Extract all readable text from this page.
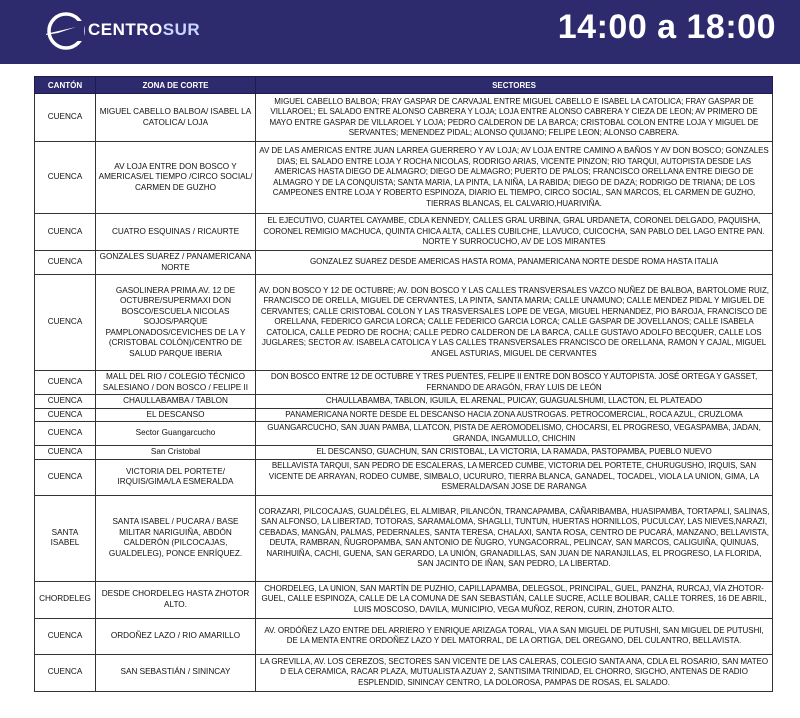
CENTROSUR	14:00 a 18:00
CANTÓN	ZONA DE CORTE	SECTORES
CUENCA	MIGUEL CABELLO BALBOA/ ISABEL LA CATOLICA/ LOJA	MIGUEL CABELLO BALBOA; FRAY GASPAR DE CARVAJAL ENTRE MIGUEL CABELLO E ISABEL LA CATOLICA; FRAY GASPAR DE VILLAROEL; EL SALADO ENTRE ALONSO CABRERA Y LOJA; LOJA ENTRE ALONSO CABRERA Y CIEZA DE LEON; AV PRIMERO DE MAYO ENTRE GASPAR DE VILLAROEL Y LOJA; PEDRO CALDERON DE LA BARCA; CRISTOBAL COLON ENTRE LOJA Y MIGUEL DE SERVANTES; MENENDEZ PIDAL; ALONSO QUIJANO; FELIPE LEON; ALONSO CABRERA.
CUENCA	AV LOJA ENTRE DON BOSCO Y AMERICAS/EL TIEMPO /CIRCO SOCIAL/ CARMEN DE GUZHO	AV DE LAS AMERICAS ENTRE JUAN LARREA GUERRERO Y AV LOJA; AV LOJA ENTRE CAMINO A BAÑOS Y AV DON BOSCO; GONZALES DIAS; EL SALADO ENTRE LOJA Y ROCHA NICOLAS, RODRIGO ARIAS, VICENTE PINZON; RIO TARQUI, AUTOPISTA DESDE LAS AMERICAS HASTA DIEGO DE ALMAGRO; DIEGO DE ALMAGRO; PUERTO DE PALOS; FRANCISCO ORELLANA ENTRE DIEGO DE ALMAGRO Y DE LA CONQUISTA; SANTA MARIA, LA PINTA, LA NIÑA, LA RABIDA; DIEGO DE DAZA; RODRIGO DE TRIANA; DE LOS CAMPEONES ENTRE LOJA Y ROBERTO ESPINOZA, DIARIO EL TIEMPO, CIRCO SOCIAL, SAN MARCOS, EL CARMEN DE GUZHO, TIERRAS BLANCAS, EL CALVARIO,HUARIVIÑA.
CUENCA	CUATRO ESQUINAS / RICAURTE	EL EJECUTIVO, CUARTEL CAYAMBE, CDLA KENNEDY, CALLES GRAL URBINA, GRAL URDANETA, CORONEL DELGADO, PAQUISHA, CORONEL REMIGIO MACHUCA, QUINTA CHICA ALTA, CALLES CUBILCHE, LLAVUCO, CUICOCHA, SAN PABLO DEL LAGO ENTRE PAN. NORTE Y SURROCUCHO, AV DE LOS MIRANTES
CUENCA	GONZALES SUAREZ / PANAMERICANA NORTE	GONZALEZ SUAREZ DESDE AMERICAS HASTA ROMA, PANAMERICANA NORTE DESDE ROMA HASTA ITALIA
CUENCA	GASOLINERA PRIMA AV. 12 DE OCTUBRE/SUPERMAXI DON BOSCO/ESCUELA NICOLAS SOJOS/PARQUE PAMPLONADOS/CEVICHES DE LA Y (CRISTOBAL COLÓN)/CENTRO DE SALUD PARQUE IBERIA	AV. DON BOSCO Y 12 DE OCTUBRE; AV. DON BOSCO Y LAS CALLES TRANSVERSALES VAZCO NUÑEZ DE BALBOA, BARTOLOME RUIZ, FRANCISCO DE ORELLA, MIGUEL DE CERVANTES, LA PINTA, SANTA MARIA; CALLE UNAMUNO; CALLE MENDEZ PIDAL Y MIGUEL DE CERVANTES; CALLE CRISTOBAL COLON Y LAS TRASVERSALES LOPE DE VEGA, MIGUEL HERNANDEZ, PIO BAROJA, FRANCISCO DE ORELLANA, FEDERICO GARCIA LORCA; CALLE FEDERICO GARCIA LORCA; CALLE GASPAR DE JOVELLANOS; CALLE ISABELA CATOLICA, CALLE PEDRO DE ROCHA; CALLE PEDRO CALDERON DE LA BARCA, CALLE GUSTAVO ADOLFO BECQUER, CALLE LOS JUGLARES; SECTOR AV. ISABELA CATOLICA Y LAS CALLES TRANSVERSALES FRANCISCO DE ORELLANA, RAMON Y CAJAL, MIGUEL ANGEL ASTURIAS, MIGUEL DE CERVANTES
CUENCA	MALL DEL RIO / COLEGIO TÉCNICO SALESIANO / DON BOSCO / FELIPE II	DON BOSCO ENTRE 12 DE OCTUBRE Y TRES PUENTES, FELIPE II ENTRE DON BOSCO Y AUTOPISTA. JOSÉ ORTEGA Y GASSET, FERNANDO DE ARAGÓN, FRAY LUIS DE LEÓN
CUENCA	CHAULLABAMBA / TABLON	CHAULLABAMBA, TABLON, IGUILA, EL ARENAL, PUICAY, GUAGUALSHUMI, LLACTON, EL PLATEADO
CUENCA	EL DESCANSO	PANAMERICANA NORTE DESDE EL DESCANSO HACIA ZONA AUSTROGAS. PETROCOMERCIAL, ROCA AZUL, CRUZLOMA
CUENCA	Sector Guangarcucho	GUANGARCUCHO, SAN JUAN PAMBA, LLATCON, PISTA DE AEROMODELISMO, CHOCARSI, EL PROGRESO, VEGASPAMBA, JADAN, GRANDA, INGAMULLO, CHICHIN
CUENCA	San Cristobal	EL DESCANSO, GUACHUN, SAN CRISTOBAL, LA VICTORIA, LA RAMADA, PASTOPAMBA, PUEBLO NUEVO
CUENCA	VICTORIA DEL PORTETE/ IRQUIS/GIMA/LA ESMERALDA	BELLAVISTA TARQUI, SAN PEDRO DE ESCALERAS, LA MERCED CUMBE, VICTORIA DEL PORTETE, CHURUGUSHO, IRQUIS, SAN VICENTE DE ARRAYAN, RODEO CUMBE, SIMBALO, UCURURO, TIERRA BLANCA, GANADEL, TOCADEL, VIOLA LA UNION, GIMA, LA ESMERALDA/SAN JOSE DE RARANGA
SANTA ISABEL	SANTA ISABEL / PUCARA / BASE MILITAR NARIGUIÑA, ABDÓN CALDERÓN (PILCOCAJAS, GUALDELEG), PONCE ENRÍQUEZ.	CORAZARI, PILCOCAJAS, GUALDÉLEG, EL ALMIBAR, PILANCÓN, TRANCAPAMBA, CAÑARIBAMBA, HUASIPAMBA, TORTAPALI, SALINAS, SAN ALFONSO, LA LIBERTAD, TOTORAS, SARAMALOMA, SHAGLLI, TUNTUN, HUERTAS HORNILLOS, PUCULCAY, LAS NIEVES,NARAZI, CEBADAS, MANGÁN, PALMAS, PEDERNALES, SANTA TERESA, CHALAXI, SANTA ROSA, CENTRO DE PUCARÁ, MANZANO, BELLAVISTA, DEUTA, RAMBRAN, ÑUGROPAMBA, SAN ANTONIO DE ÑUGRO, YUNGACORRAL, PELINCAY, SAN MARCOS, CALIGUIÑA, QUINUAS, NARIHUIÑA, CACHI, GUENA, SAN GERARDO, LA UNIÓN, GRANADILLAS, SAN JUAN DE NARANJILLAS, EL PROGRESO, LA FLORIDA, SAN JACINTO DE IÑAN, SAN PEDRO, LA LIBERTAD.
CHORDELEG	DESDE CHORDELEG HASTA ZHOTOR ALTO.	CHORDELEG, LA UNION, SAN MARTÍN DE PUZHIO, CAPILLAPAMBA, DELEGSOL, PRINCIPAL, GUEL, PANZHA, RURCAJ, VÍA ZHOTOR- GUEL, CALLE ESPINOZA, CALLE DE LA COMUNA DE SAN SEBASTIÁN, CALLE SUCRE, ACLLE BOLIBAR, CALLE TORRES, 16 DE ABRIL, LUIS MOSCOSO, DAVILA, MUNICIPIO, VEGA MUÑOZ, RERON, CURIN, ZHOTOR ALTO.
CUENCA	ORDOÑEZ LAZO / RIO AMARILLO	AV. ORDÓÑEZ LAZO ENTRE DEL ARRIERO Y ENRIQUE ARIZAGA TORAL, VIA A SAN MIGUEL DE PUTUSHI, SAN MIGUEL DE PUTUSHI, DE LA MENTA ENTRE ORDOÑEZ LAZO Y DEL MATORRAL, DE LA ORTIGA, DEL OREGANO, DEL CULANTRO, BELLAVISTA.
CUENCA	SAN SEBASTIÁN / SININCAY	LA GREVILLA, AV. LOS CEREZOS, SECTORES SAN VICENTE DE LAS CALERAS, COLEGIO SANTA ANA, CDLA EL ROSARIO, SAN MATEO D ELA CERAMICA, RACAR PLAZA, MUTUALISTA AZUAY 2, SANTISIMA TRINIDAD, EL CHORRO, SIGCHO, ANTENAS DE RADIO ESPLENDID, SININCAY CENTRO, LA DOLOROSA, PAMPAS DE ROSAS, EL SALADO.
